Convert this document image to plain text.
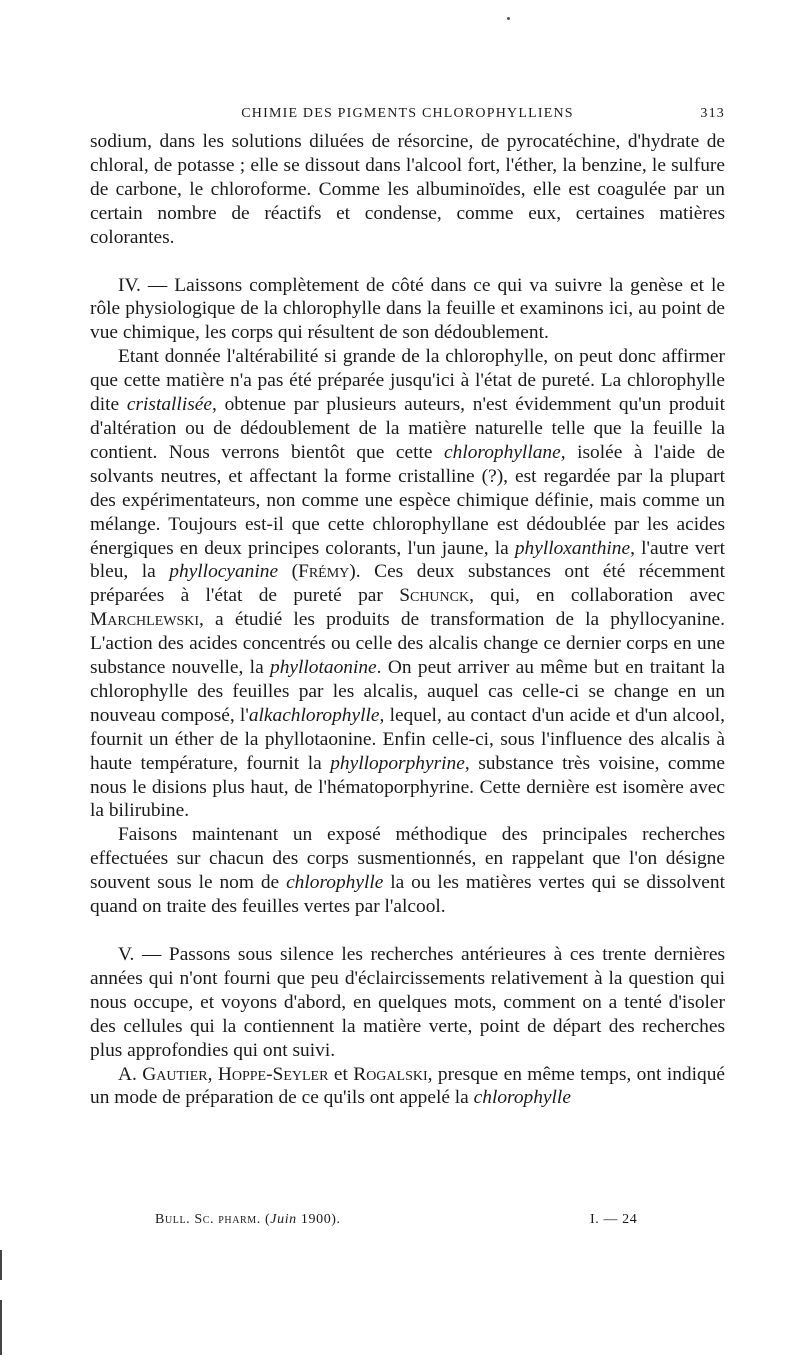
CHIMIE DES PIGMENTS CHLOROPHYLLIENS	313

sodium, dans les solutions diluées de résorcine, de pyrocatéchine, d'hydrate de chloral, de potasse ; elle se dissout dans l'alcool fort, l'éther, la benzine, le sulfure de carbone, le chloroforme. Comme les albuminoïdes, elle est coagulée par un certain nombre de réactifs et condense, comme eux, certaines matières colorantes.

IV. — Laissons complètement de côté dans ce qui va suivre la genèse et le rôle physiologique de la chlorophylle dans la feuille et examinons ici, au point de vue chimique, les corps qui résultent de son dédoublement.

Etant donnée l'altérabilité si grande de la chlorophylle, on peut donc affirmer que cette matière n'a pas été préparée jusqu'ici à l'état de pureté. La chlorophylle dite cristallisée, obtenue par plusieurs auteurs, n'est évidemment qu'un produit d'altération ou de dédoublement de la matière naturelle telle que la feuille la contient. Nous verrons bientôt que cette chlorophyllane, isolée à l'aide de solvants neutres, et affectant la forme cristalline (?), est regardée par la plupart des expérimentateurs, non comme une espèce chimique définie, mais comme un mélange. Toujours est-il que cette chlorophyllane est dédoublée par les acides énergiques en deux principes colorants, l'un jaune, la phylloxanthine, l'autre vert bleu, la phyllocyanine (Frémy). Ces deux substances ont été récemment préparées à l'état de pureté par Schunck, qui, en collaboration avec Marchlewski, a étudié les produits de transformation de la phyllocyanine. L'action des acides concentrés ou celle des alcalis change ce dernier corps en une substance nouvelle, la phyllotaonine. On peut arriver au même but en traitant la chlorophylle des feuilles par les alcalis, auquel cas celle-ci se change en un nouveau composé, l'alkachlorophylle, lequel, au contact d'un acide et d'un alcool, fournit un éther de la phyllotaonine. Enfin celle-ci, sous l'influence des alcalis à haute température, fournit la phylloporphyrine, substance très voisine, comme nous le disions plus haut, de l'hématoporphyrine. Cette dernière est isomère avec la bilirubine.

Faisons maintenant un exposé méthodique des principales recherches effectuées sur chacun des corps susmentionnés, en rappelant que l'on désigne souvent sous le nom de chlorophylle la ou les matières vertes qui se dissolvent quand on traite des feuilles vertes par l'alcool.

V. — Passons sous silence les recherches antérieures à ces trente dernières années qui n'ont fourni que peu d'éclaircissements relativement à la question qui nous occupe, et voyons d'abord, en quelques mots, comment on a tenté d'isoler des cellules qui la contiennent la matière verte, point de départ des recherches plus approfondies qui ont suivi.

A. Gautier, Hoppe-Seyler et Rogalski, presque en même temps, ont indiqué un mode de préparation de ce qu'ils ont appelé la chlorophylle

Bull. Sc. pharm. (Juin 1900).	I. — 24
